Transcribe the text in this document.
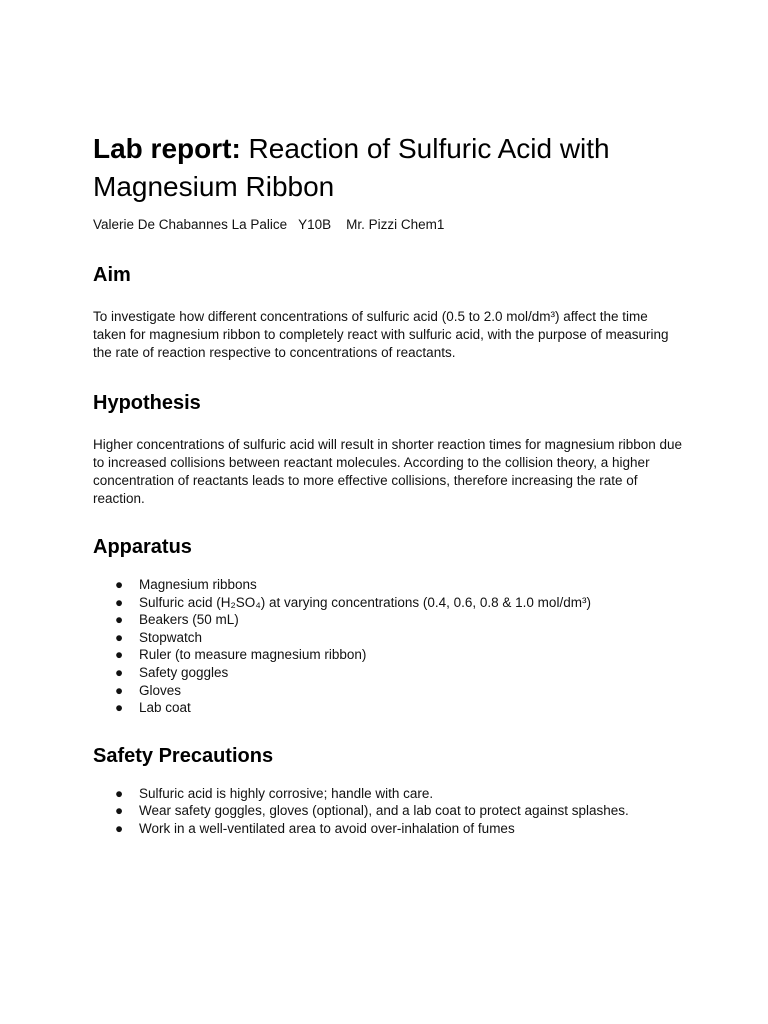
Lab report: Reaction of Sulfuric Acid with Magnesium Ribbon
Valerie De Chabannes La Palice   Y10B    Mr. Pizzi Chem1
Aim

To investigate how different concentrations of sulfuric acid (0.5 to 2.0 mol/dm³) affect the time taken for magnesium ribbon to completely react with sulfuric acid, with the purpose of measuring the rate of reaction respective to concentrations of reactants.

Hypothesis

Higher concentrations of sulfuric acid will result in shorter reaction times for magnesium ribbon due to increased collisions between reactant molecules. According to the collision theory, a higher concentration of reactants leads to more effective collisions, therefore increasing the rate of reaction.

Apparatus
● Magnesium ribbons
● Sulfuric acid (H₂SO₄) at varying concentrations (0.4, 0.6, 0.8 & 1.0 mol/dm³)
● Beakers (50 mL)
● Stopwatch
● Ruler (to measure magnesium ribbon)
● Safety goggles
● Gloves
● Lab coat
Safety Precautions
● Sulfuric acid is highly corrosive; handle with care.
● Wear safety goggles, gloves (optional), and a lab coat to protect against splashes.
● Work in a well-ventilated area to avoid over-inhalation of fumes
